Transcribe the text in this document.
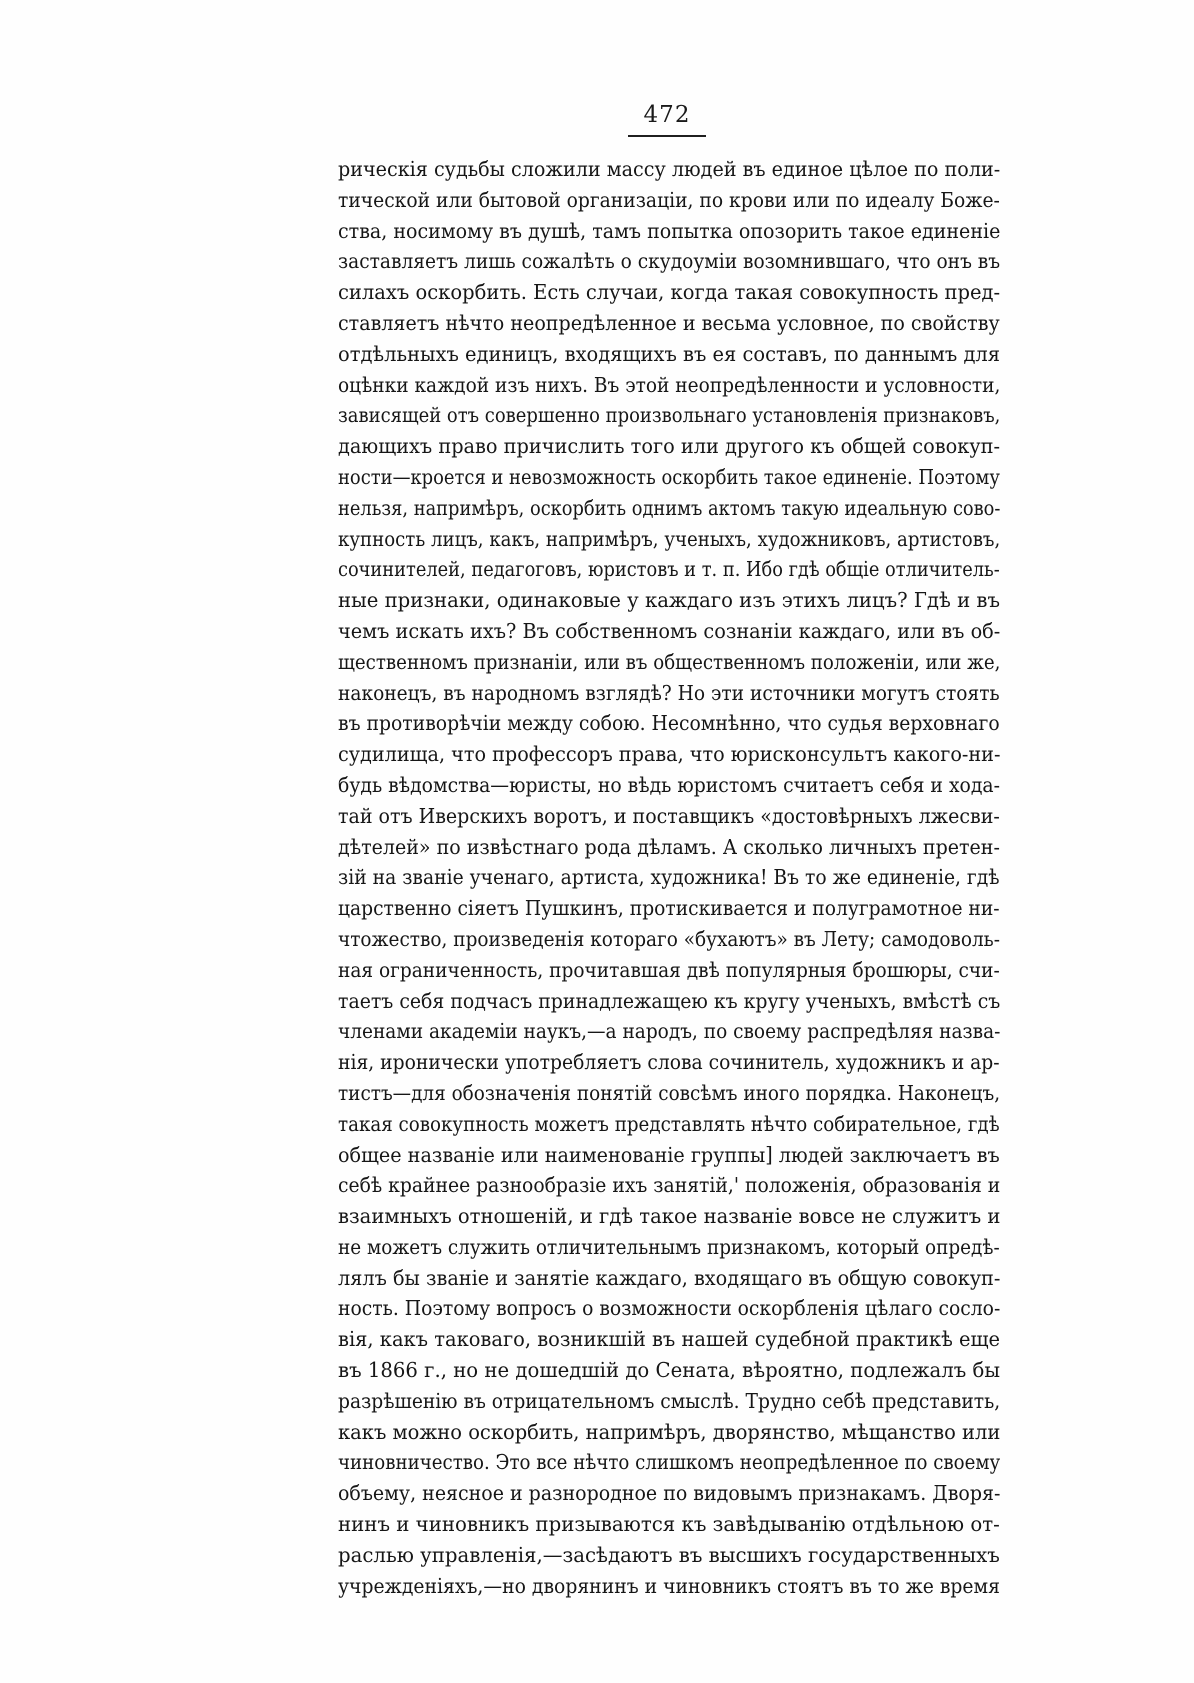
472
рическія судьбы сложили массу людей въ единое цѣлое по поли-
тической или бытовой организаціи, по крови или по идеалу Боже-
ства, носимому въ душѣ, тамъ попытка опозорить такое единеніе
заставляетъ лишь сожалѣть о скудоуміи возомнившаго, что онъ въ
силахъ оскорбить. Есть случаи, когда такая совокупность пред-
ставляетъ нѣчто неопредѣленное и весьма условное, по свойству
отдѣльныхъ единицъ, входящихъ въ ея составъ, по даннымъ для
оцѣнки каждой изъ нихъ. Въ этой неопредѣленности и условности,
зависящей отъ совершенно произвольнаго установленія признаковъ,
дающихъ право причислить того или другого къ общей совокуп-
ности—кроется и невозможность оскорбить такое единеніе. Поэтому
нельзя, напримѣръ, оскорбить однимъ актомъ такую идеальную сово-
купность лицъ, какъ, напримѣръ, ученыхъ, художниковъ, артистовъ,
сочинителей, педагоговъ, юристовъ и т. п. Ибо гдѣ общіе отличитель-
ные признаки, одинаковые у каждаго изъ этихъ лицъ? Гдѣ и въ
чемъ искать ихъ? Въ собственномъ сознаніи каждаго, или въ об-
щественномъ признаніи, или въ общественномъ положеніи, или же,
наконецъ, въ народномъ взглядѣ? Но эти источники могутъ стоять
въ противорѣчіи между собою. Несомнѣнно, что судья верховнаго
судилища, что профессоръ права, что юрисконсультъ какого-ни-
будь вѣдомства—юристы, но вѣдь юристомъ считаетъ себя и хода-
тай отъ Иверскихъ воротъ, и поставщикъ «достовѣрныхъ лжесви-
дѣтелей» по извѣстнаго рода дѣламъ. А сколько личныхъ претен-
зій на званіе ученаго, артиста, художника! Въ то же единеніе, гдѣ
царственно сіяетъ Пушкинъ, протискивается и полуграмотное ни-
чтожество, произведенія котораго «бухаютъ» въ Лету; самодоволь-
ная ограниченность, прочитавшая двѣ популярныя брошюры, счи-
таетъ себя подчасъ принадлежащею къ кругу ученыхъ, вмѣстѣ съ
членами академіи наукъ,—а народъ, по своему распредѣляя назва-
нія, иронически употребляетъ слова сочинитель, художникъ и ар-
тистъ—для обозначенія понятій совсѣмъ иного порядка. Наконецъ,
такая совокупность можетъ представлять нѣчто собирательное, гдѣ
общее названіе или наименованіе группы] людей заключаетъ въ
себѣ крайнее разнообразіе ихъ занятій,' положенія, образованія и
взаимныхъ отношеній, и гдѣ такое названіе вовсе не служитъ и
не можетъ служить отличительнымъ признакомъ, который опредѣ-
лялъ бы званіе и занятіе каждаго, входящаго въ общую совокуп-
ность. Поэтому вопросъ о возможности оскорбленія цѣлаго сосло-
вія, какъ таковаго, возникшій въ нашей судебной практикѣ еще
въ 1866 г., но не дошедшій до Сената, вѣроятно, подлежалъ бы
разрѣшенію въ отрицательномъ смыслѣ. Трудно себѣ представить,
какъ можно оскорбить, напримѣръ, дворянство, мѣщанство или
чиновничество. Это все нѣчто слишкомъ неопредѣленное по своему
объему, неясное и разнородное по видовымъ признакамъ. Дворя-
нинъ и чиновникъ призываются къ завѣдыванію отдѣльною от-
раслью управленія,—засѣдаютъ въ высшихъ государственныхъ
учрежденіяхъ,—но дворянинъ и чиновникъ стоятъ въ то же время
